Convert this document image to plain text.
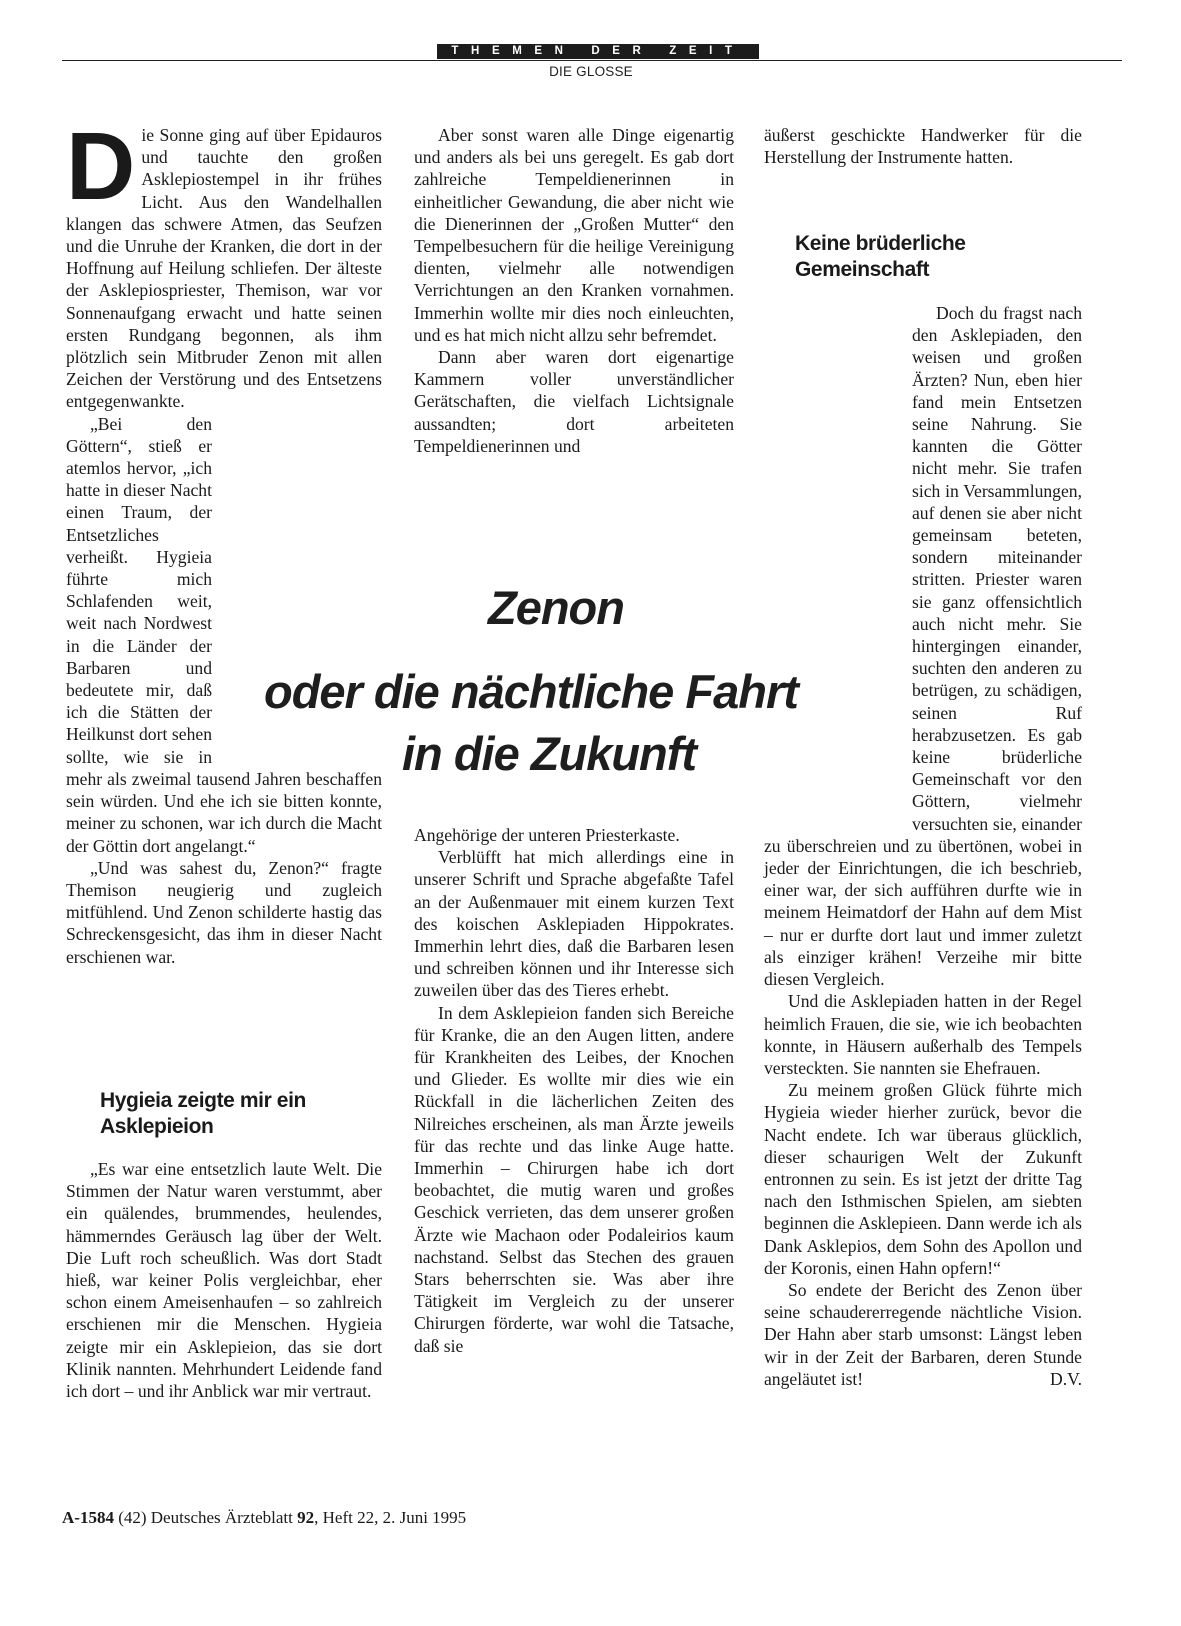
THEMEN DER ZEIT
DIE GLOSSE
D ie Sonne ging auf über Epidauros und tauchte den großen Asklepiostempel in ihr frühes Licht. Aus den Wandelhallen klangen das schwere Atmen, das Seufzen und die Unruhe der Kranken, die dort in der Hoffnung auf Heilung schliefen. Der älteste der Asklepiospriester, Themison, war vor Sonnenaufgang erwacht und hatte seinen ersten Rundgang begonnen, als ihm plötzlich sein Mitbruder Zenon mit allen Zeichen der Verstörung und des Entsetzens entgegenwankte.

„Bei den Göttern“, stieß er atemlos hervor, „ich hatte in dieser Nacht einen Traum, der Entsetzliches verheißt. Hygieia führte mich Schlafenden weit, weit nach Nordwest in die Länder der Barbaren und bedeutete mir, daß ich die Stätten der Heilkunst dort sehen sollte, wie sie in mehr als zweimal tausend Jahren beschaffen sein würden. Und ehe ich sie bitten konnte, meiner zu schonen, war ich durch die Macht der Göttin dort angelangt.“

„Und was sahest du, Zenon?“ fragte Themison neugierig und zugleich mitfühlend. Und Zenon schilderte hastig das Schreckensgesicht, das ihm in dieser Nacht erschienen war.

Hygieia zeigte mir ein Asklepieion

„Es war eine entsetzlich laute Welt. Die Stimmen der Natur waren verstummt, aber ein quälendes, brummendes, heulendes, hämmerndes Geräusch lag über der Welt. Die Luft roch scheußlich. Was dort Stadt hieß, war keiner Polis vergleichbar, eher schon einem Ameisenhaufen – so zahlreich erschienen mir die Menschen. Hygieia zeigte mir ein Asklepieion, das sie dort Klinik nannten. Mehrhundert Leidende fand ich dort – und ihr Anblick war mir vertraut.

Aber sonst waren alle Dinge eigenartig und anders als bei uns geregelt. Es gab dort zahlreiche Tempeldienerinnen in einheitlicher Gewandung, die aber nicht wie die Dienerinnen der „Großen Mutter“ den Tempelbesuchern für die heilige Vereinigung dienten, vielmehr alle notwendigen Verrichtungen an den Kranken vornahmen. Immerhin wollte mir dies noch einleuchten, und es hat mich nicht allzu sehr befremdet.

Dann aber waren dort eigenartige Kammern voller unverständlicher Gerätschaften, die vielfach Lichtsignale aussandten; dort arbeiteten Tempeldienerinnen und

Angehörige der unteren Priesterkaste.

Verblüfft hat mich allerdings eine in unserer Schrift und Sprache abgefaßte Tafel an der Außenmauer mit einem kurzen Text des koischen Asklepiaden Hippokrates. Immerhin lehrt dies, daß die Barbaren lesen und schreiben können und ihr Interesse sich zuweilen über das des Tieres erhebt.

In dem Asklepieion fanden sich Bereiche für Kranke, die an den Augen litten, andere für Krankheiten des Leibes, der Knochen und Glieder. Es wollte mir dies wie ein Rückfall in die lächerlichen Zeiten des Nilreiches erscheinen, als man Ärzte jeweils für das rechte und das linke Auge hatte. Immerhin – Chirurgen habe ich dort beobachtet, die mutig waren und großes Geschick verrieten, das dem unserer großen Ärzte wie Machaon oder Podaleirios kaum nachstand. Selbst das Stechen des grauen Stars beherrschten sie. Was aber ihre Tätigkeit im Vergleich zu der unserer Chirurgen förderte, war wohl die Tatsache, daß sie

äußerst geschickte Handwerker für die Herstellung der Instrumente hatten.

Keine brüderliche Gemeinschaft

Doch du fragst nach den Asklepiaden, den weisen und großen Ärzten? Nun, eben hier fand mein Entsetzen seine Nahrung. Sie kannten die Götter nicht mehr. Sie trafen sich in Versammlungen, auf denen sie aber nicht gemeinsam beteten, sondern miteinander stritten. Priester waren sie ganz offensichtlich auch nicht mehr. Sie hintergingen einander, suchten den anderen zu betrügen, zu schädigen, seinen Ruf herabzusetzen. Es gab keine brüderliche Gemeinschaft vor den Göttern, vielmehr versuchten sie, einander zu überschreien und zu übertönen, wobei in jeder der Einrichtungen, die ich beschrieb, einer war, der sich aufführen durfte wie in meinem Heimatdorf der Hahn auf dem Mist – nur er durfte dort laut und immer zuletzt als einziger krähen! Verzeihe mir bitte diesen Vergleich.

Und die Asklepiaden hatten in der Regel heimlich Frauen, die sie, wie ich beobachten konnte, in Häusern außerhalb des Tempels versteckten. Sie nannten sie Ehefrauen.

Zu meinem großen Glück führte mich Hygieia wieder hierher zurück, bevor die Nacht endete. Ich war überaus glücklich, dieser schaurigen Welt der Zukunft entronnen zu sein. Es ist jetzt der dritte Tag nach den Isthmischen Spielen, am siebten beginnen die Asklepieen. Dann werde ich als Dank Asklepios, dem Sohn des Apollon und der Koronis, einen Hahn opfern!“

So endete der Bericht des Zenon über seine schaudererregende nächtliche Vision. Der Hahn aber starb umsonst: Längst leben wir in der Zeit der Barbaren, deren Stunde angeläutet ist!	D.V.

Zenon
oder die nächtliche Fahrt
in die Zukunft
A-1584 (42) Deutsches Ärzteblatt 92, Heft 22, 2. Juni 1995
